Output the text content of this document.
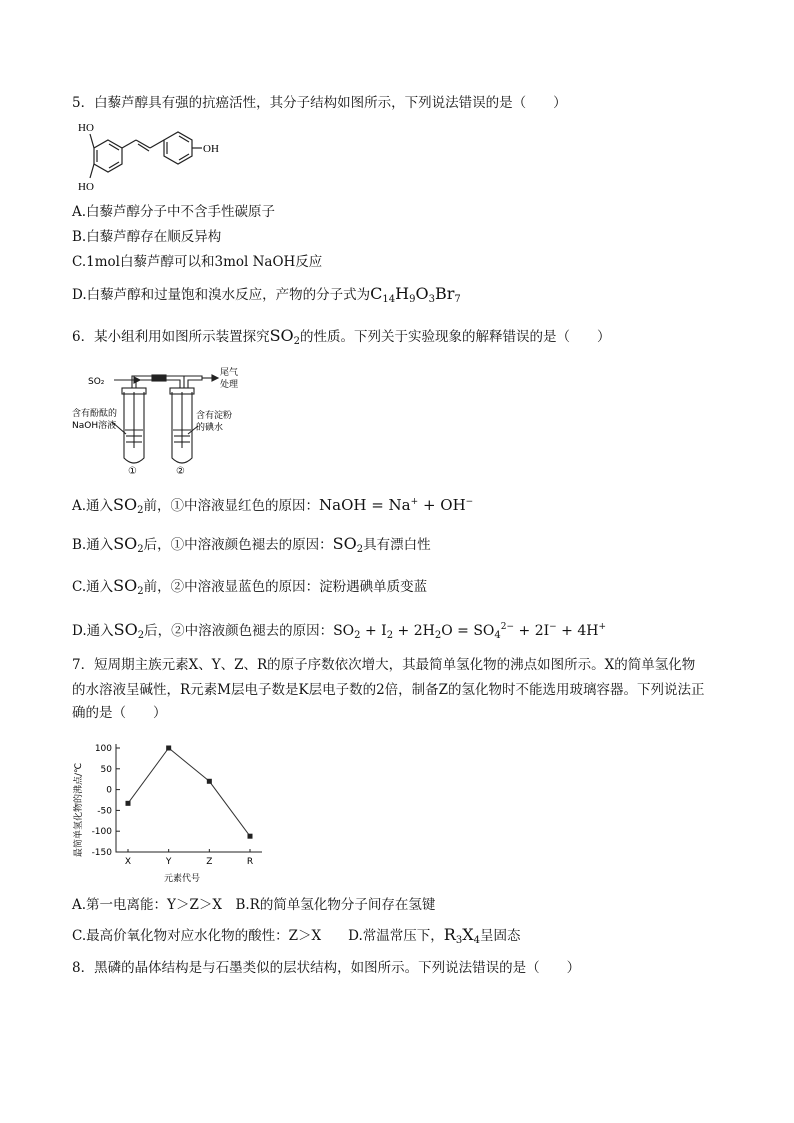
5．白藜芦醇具有强的抗癌活性，其分子结构如图所示，下列说法错误的是（　　）
HO
HO
OH
A.白藜芦醇分子中不含手性碳原子
B.白藜芦醇存在顺反异构
C.1mol白藜芦醇可以和3mol NaOH反应
D.白藜芦醇和过量饱和溴水反应，产物的分子式为$C_{14}H_9O_3Br_7$
6．某小组利用如图所示装置探究$SO_2$的性质。下列关于实验现象的解释错误的是（　　）
SO₂
尾气
处理
含有酚酞的
NaOH溶液
含有淀粉
的碘水
①	②
A.通入$SO_2$前，①中溶液显红色的原因：NaOH = Na+ + OH−
B.通入$SO_2$后，①中溶液颜色褪去的原因：$SO_2$具有漂白性
C.通入$SO_2$前，②中溶液显蓝色的原因：淀粉遇碘单质变蓝
D.通入$SO_2$后，②中溶液颜色褪去的原因：$SO_2 + I_2 + 2H_2O = SO_4^{2-} + 2I^- + 4H^+$
7．短周期主族元素X、Y、Z、R的原子序数依次增大，其最简单氢化物的沸点如图所示。X的简单氢化物
的水溶液呈碱性，R元素M层电子数是K层电子数的2倍，制备Z的氢化物时不能选用玻璃容器。下列说法正
确的是（　　）
100
50
0
-50
-100
-150
X	Y	Z	R
元素代号
最简单氢化物的沸点/℃
A.第一电离能：Y＞Z＞X　B.R的简单氢化物分子间存在氢键
C.最高价氧化物对应水化物的酸性：Z＞X　　D.常温常压下，$R_3X_4$呈固态
8．黑磷的晶体结构是与石墨类似的层状结构，如图所示。下列说法错误的是（　　）
